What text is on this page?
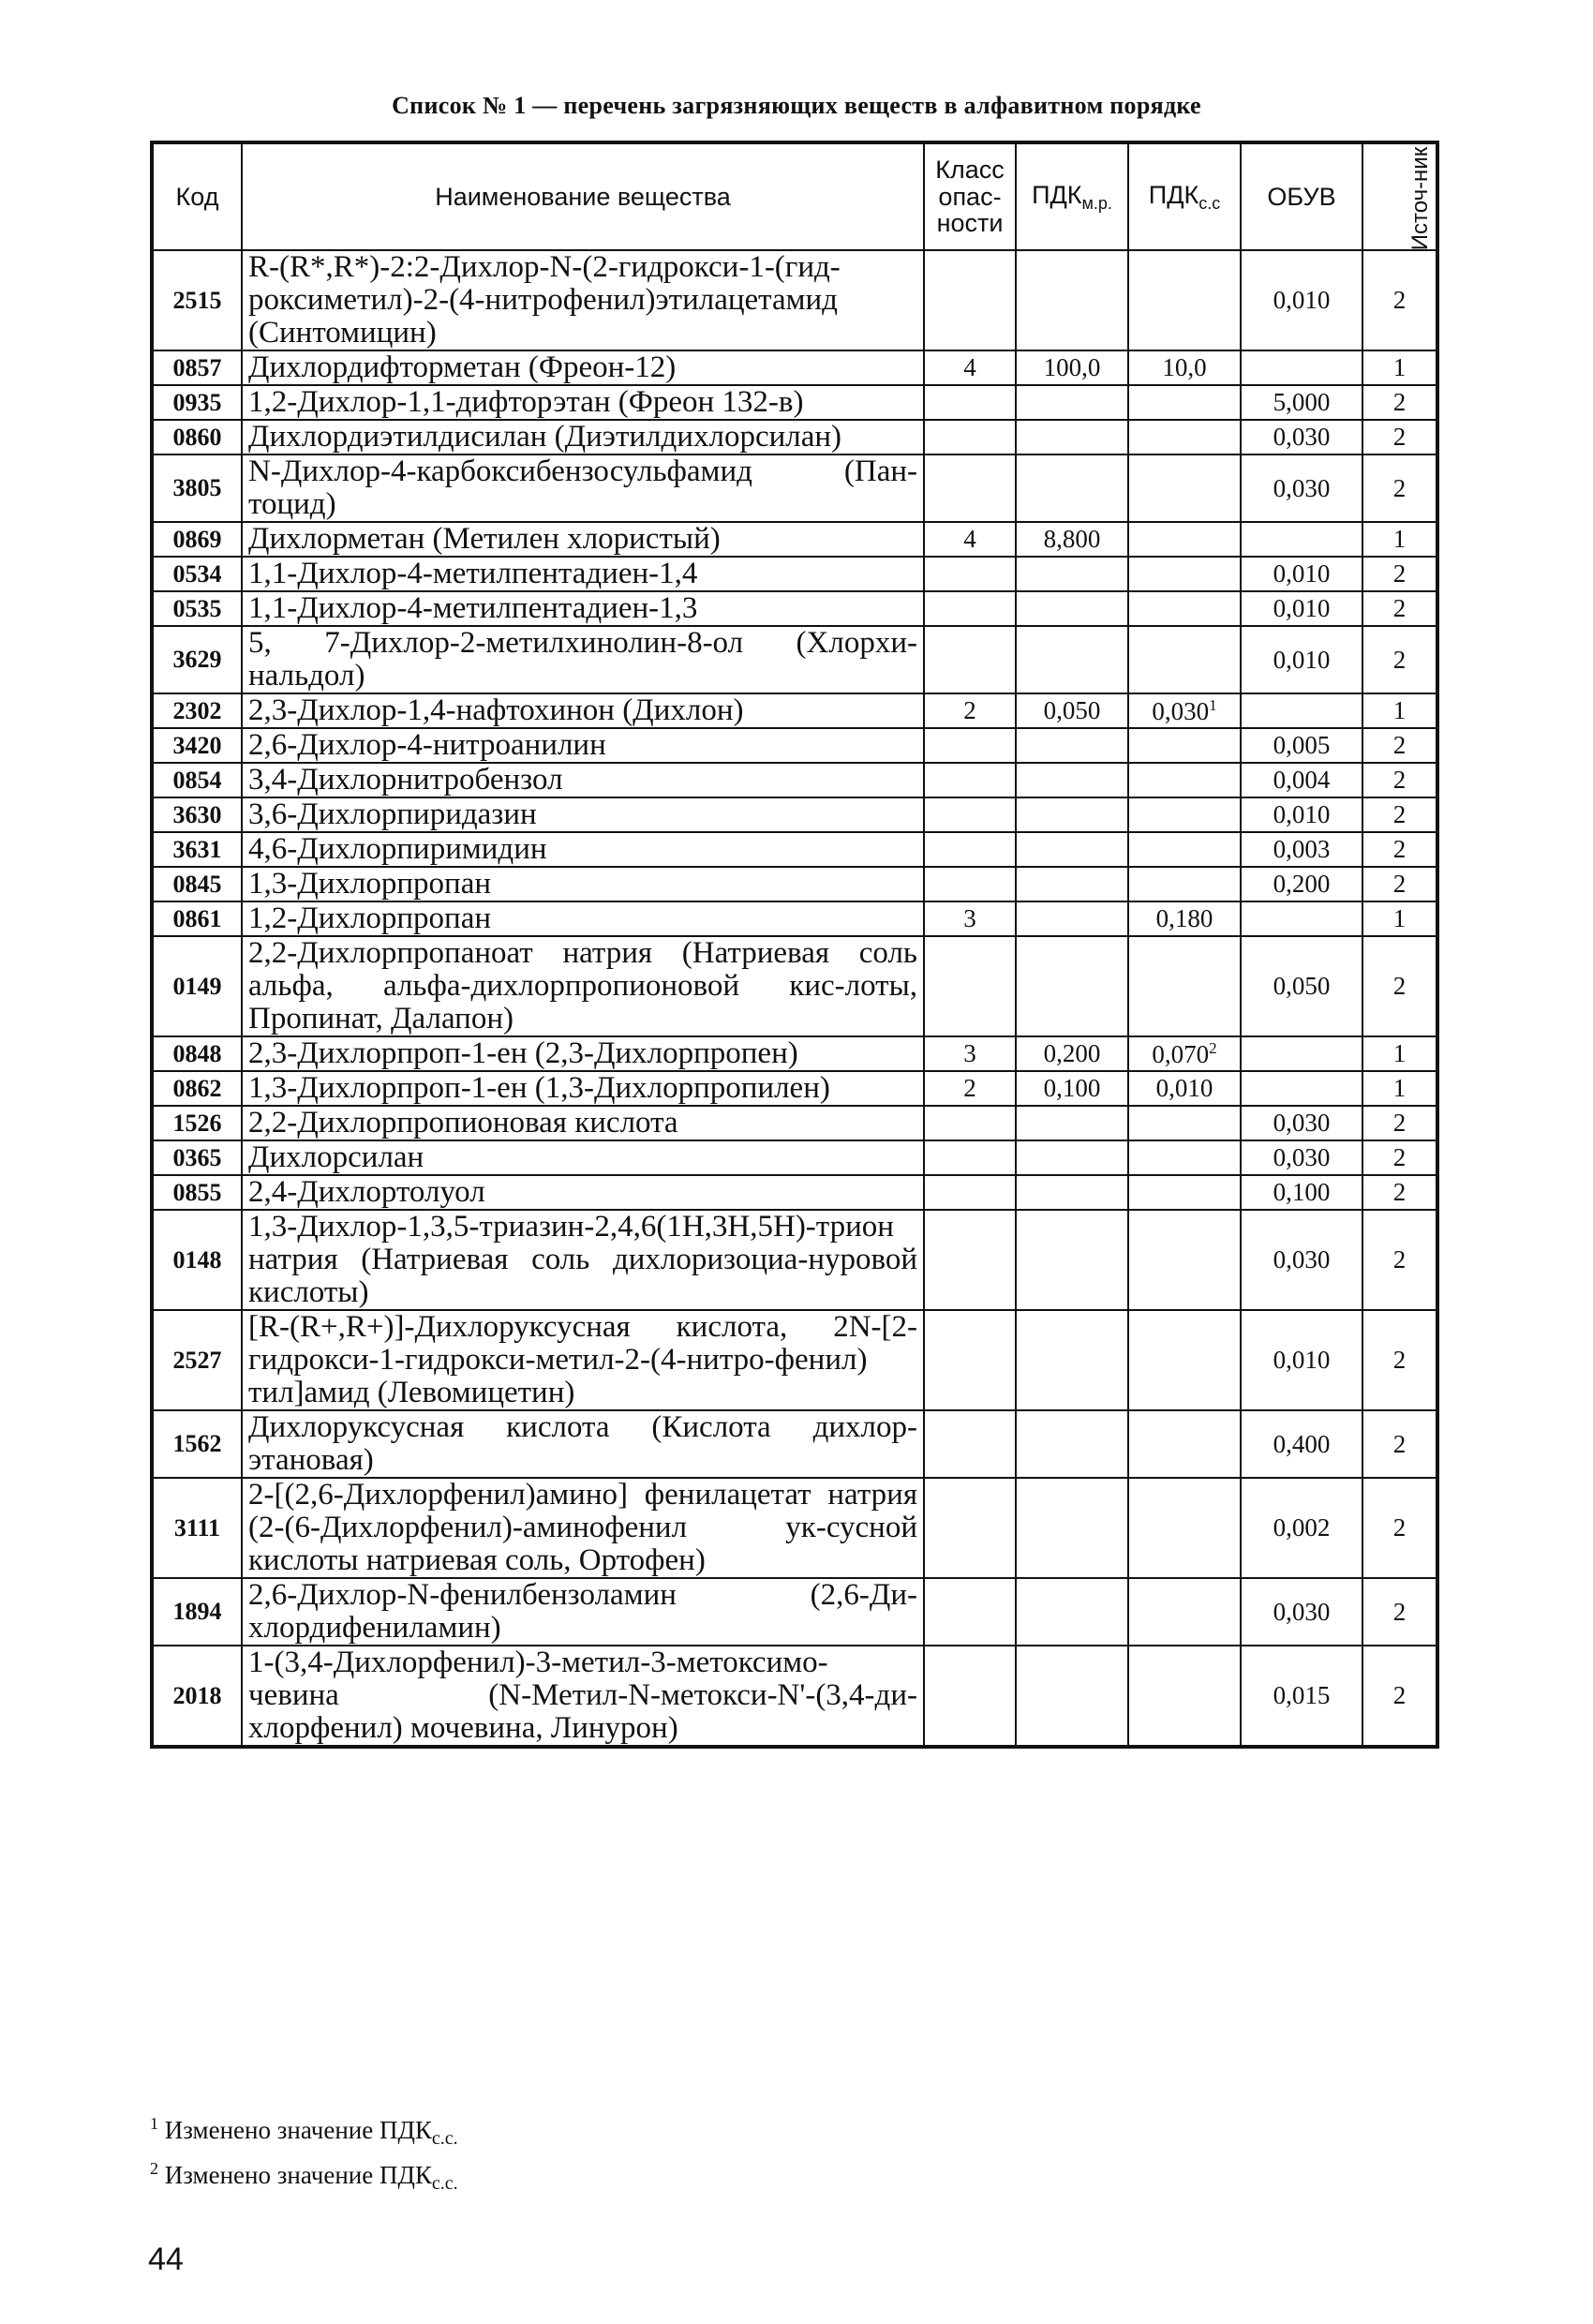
Список № 1 — перечень загрязняющих веществ в алфавитном порядке
Код	Наименование вещества	Класс опас-ности	$ПДК_{м.р.}$	$ПДК_{с.с}$	ОБУВ	Источ-ник
2515	R-(R*,R*)-2:2-Дихлор-N-(2-гидрокси-1-(гид-роксиметил)-2-(4-нитрофенил)этилацетамид (Синтомицин)				0,010	2
0857	Дихлордифторметан (Фреон-12)	4	100,0	10,0		1
0935	1,2-Дихлор-1,1-дифторэтан (Фреон 132-в)				5,000	2
0860	Дихлордиэтилдисилан (Диэтилдихлорсилан)				0,030	2
3805	N-Дихлор-4-карбоксибензосульфамид (Пан-тоцид)				0,030	2
0869	Дихлорметан (Метилен хлористый)	4	8,800			1
0534	1,1-Дихлор-4-метилпентадиен-1,4				0,010	2
0535	1,1-Дихлор-4-метилпентадиен-1,3				0,010	2
3629	5, 7-Дихлор-2-метилхинолин-8-ол (Хлорхи-нальдол)				0,010	2
2302	2,3-Дихлор-1,4-нафтохинон (Дихлон)	2	0,050	0,030$^1$		1
3420	2,6-Дихлор-4-нитроанилин				0,005	2
0854	3,4-Дихлорнитробензол				0,004	2
3630	3,6-Дихлорпиридазин				0,010	2
3631	4,6-Дихлорпиримидин				0,003	2
0845	1,3-Дихлорпропан				0,200	2
0861	1,2-Дихлорпропан	3		0,180		1
0149	2,2-Дихлорпропаноат натрия (Натриевая соль альфа, альфа-дихлорпропионовой кис-лоты, Пропинат, Далапон)				0,050	2
0848	2,3-Дихлорпроп-1-ен (2,3-Дихлорпропен)	3	0,200	0,070$^2$		1
0862	1,3-Дихлорпроп-1-ен (1,3-Дихлорпропилен)	2	0,100	0,010		1
1526	2,2-Дихлорпропионовая кислота				0,030	2
0365	Дихлорсилан				0,030	2
0855	2,4-Дихлортолуол				0,100	2
0148	1,3-Дихлор-1,3,5-триазин-2,4,6(1Н,3Н,5Н)-трион натрия (Натриевая соль дихлоризоциа-нуровой кислоты)				0,030	2
2527	[R-(R+,R+)]-Дихлоруксусная кислота, 2N-[2-гидрокси-1-гидрокси-метил-2-(4-нитро-фенил) тил]амид (Левомицетин)				0,010	2
1562	Дихлоруксусная кислота (Кислота дихлор-этановая)				0,400	2
3111	2-[(2,6-Дихлорфенил)амино] фенилацетат натрия (2-(6-Дихлорфенил)-аминофенил ук-сусной кислоты натриевая соль, Ортофен)				0,002	2
1894	2,6-Дихлор-N-фенилбензоламин (2,6-Ди-хлордифениламин)				0,030	2
2018	1-(3,4-Дихлорфенил)-3-метил-3-метоксимо-чевина (N-Метил-N-метокси-N'-(3,4-ди-хлорфенил) мочевина, Линурон)				0,015	2
$^1$ Изменено значение $ПДК_{с.с.}$
$^2$ Изменено значение $ПДК_{с.с.}$
44
